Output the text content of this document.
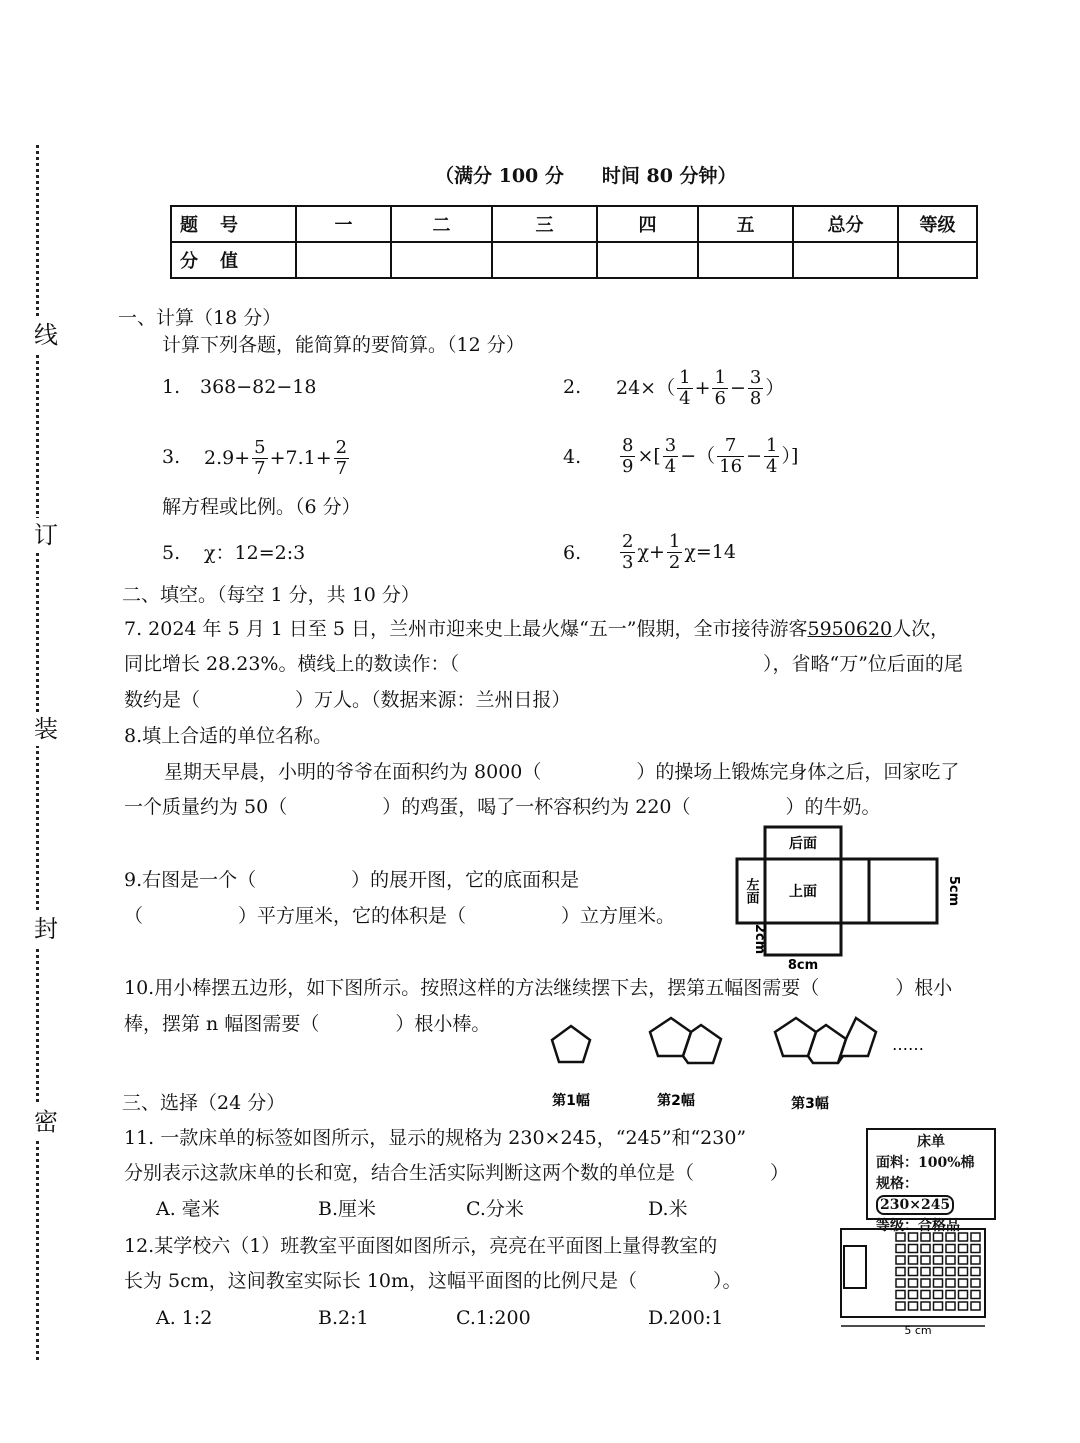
线
订
装
封
密
（满分 100 分　　时间 80 分钟）
题　号	一	二	三	四	五	总分	等级
分　值							
一、计算（18 分）
计算下列各题，能简算的要简算。（12 分）
1. 368−82−18	2. $24\times( \frac{1}{4} + \frac{1}{6} - \frac{3}{8}$ ）
3. $2.9+ \frac{5}{7} +7.1+ \frac{2}{7}$	4. $\frac{8}{9}$ ×[ $\frac{3}{4}$ −（ $\frac{7}{16} - \frac{1}{4}$ ）]
解方程或比例。（6 分）
5. χ：12=2:3	6. $\frac{2}{3} \chi+ \frac{1}{2} \chi=14$
二、填空。（每空 1 分，共 10 分）
7. 2024 年 5 月 1 日至 5 日，兰州市迎来史上最火爆“五一”假期，全市接待游客5950620人次，
同比增长 28.23%。横线上的数读作：（　　　　　　　　　　　　　　　　），省略“万”位后面的尾
数约是（　　　　　）万人。（数据来源：兰州日报）
8.填上合适的单位名称。
星期天早晨，小明的爷爷在面积约为 8000（　　　　　）的操场上锻炼完身体之后，回家吃了
一个质量约为 50（　　　　　）的鸡蛋，喝了一杯容积约为 220（　　　　　）的牛奶。
9.右图是一个（　　　　　）的展开图，它的底面积是
（　　　　　）平方厘米，它的体积是（　　　　　）立方厘米。
后面
上面
左面	5cm
2cm
8cm
10.用小棒摆五边形，如下图所示。按照这样的方法继续摆下去，摆第五幅图需要（　　　　）根小
棒，摆第 n 幅图需要（　　　　）根小棒。
……
第1幅	第2幅	第3幅
三、选择（24 分）
11. 一款床单的标签如图所示，显示的规格为 230×245，“245”和“230”
分别表示这款床单的长和宽，结合生活实际判断这两个数的单位是（　　　　）
A. 毫米	B.厘米	C.分米	D.米
床单
面料：100%棉
规格：230×245
等级：合格品
12.某学校六（1）班教室平面图如图所示，亮亮在平面图上量得教室的
长为 5cm，这间教室实际长 10m，这幅平面图的比例尺是（　　　　）。
A. 1:2	B.2:1	C.1:200	D.200:1
5 cm
